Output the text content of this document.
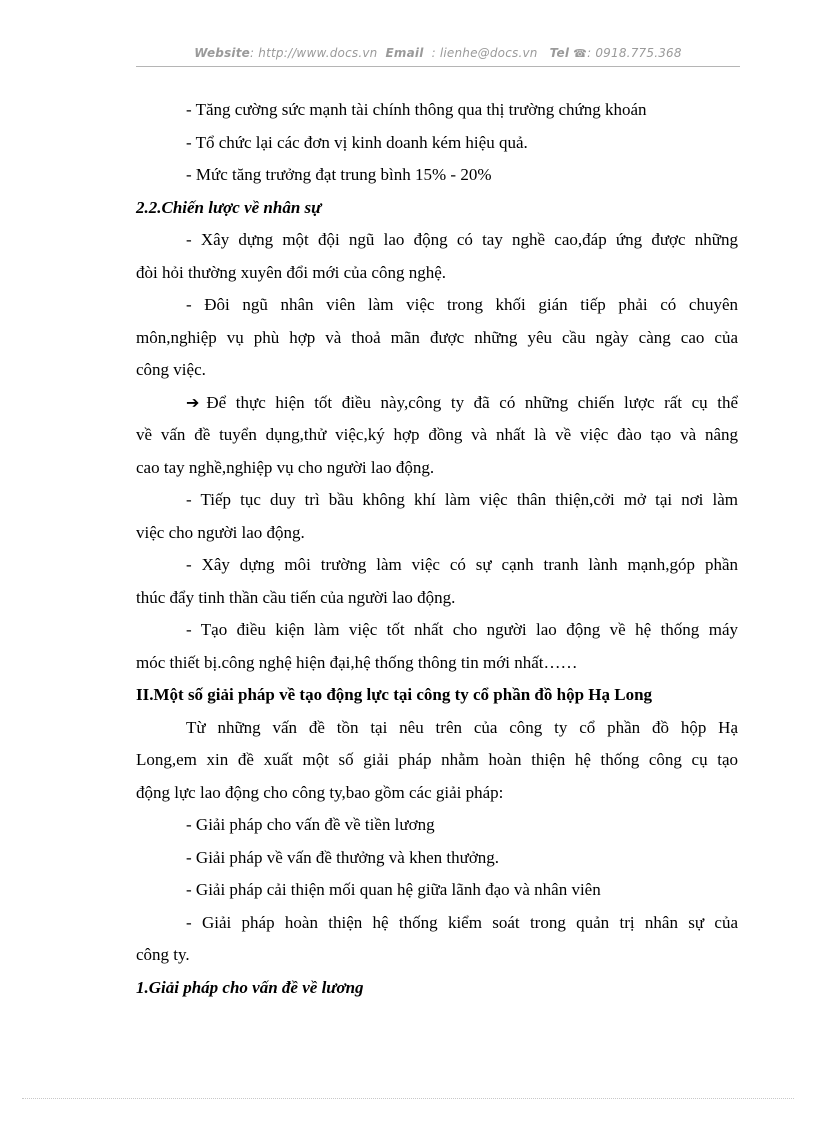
Website: http://www.docs.vn Email : lienhe@docs.vn Tel ☎: 0918.775.368
- Tăng cường sức mạnh tài chính thông qua thị trường chứng khoán
- Tổ chức lại các đơn vị kinh doanh kém hiệu quả.
- Mức tăng trưởng đạt trung bình 15% - 20%
2.2.Chiến lược về nhân sự
- Xây dựng một đội ngũ lao động có tay nghề cao,đáp ứng được những
đòi hỏi thường xuyên đổi mới của công nghệ.
- Đôi ngũ nhân viên làm việc trong khối gián tiếp phải có chuyên
môn,nghiệp vụ phù hợp và thoả mãn được những yêu cầu ngày càng cao của
công việc.
➔ Để thực hiện tốt điều này,công ty đã có những chiến lược rất cụ thể
về vấn đề tuyển dụng,thử việc,ký hợp đồng và nhất là về việc đào tạo và nâng
cao tay nghề,nghiệp vụ cho người lao động.
- Tiếp tục duy trì bầu không khí làm việc thân thiện,cởi mở tại nơi làm
việc cho người lao động.
- Xây dựng môi trường làm việc có sự cạnh tranh lành mạnh,góp phần
thúc đẩy tinh thần cầu tiến của người lao động.
- Tạo điều kiện làm việc tốt nhất cho người lao động về hệ thống máy
móc thiết bị.công nghệ hiện đại,hệ thống thông tin mới nhất……
II.Một số giải pháp về tạo động lực tại công ty cổ phần đồ hộp Hạ Long
Từ những vấn đề tồn tại nêu trên của công ty cổ phần đồ hộp Hạ
Long,em xin đề xuất một số giải pháp nhằm hoàn thiện hệ thống công cụ tạo
động lực lao động cho công ty,bao gồm các giải pháp:
- Giải pháp cho vấn đề về tiền lương
- Giải pháp về vấn đề thưởng và khen thưởng.
- Giải pháp cải thiện mối quan hệ giữa lãnh đạo và nhân viên
- Giải pháp hoàn thiện hệ thống kiểm soát trong quản trị nhân sự của
công ty.
1.Giải pháp cho vấn đề về lương
